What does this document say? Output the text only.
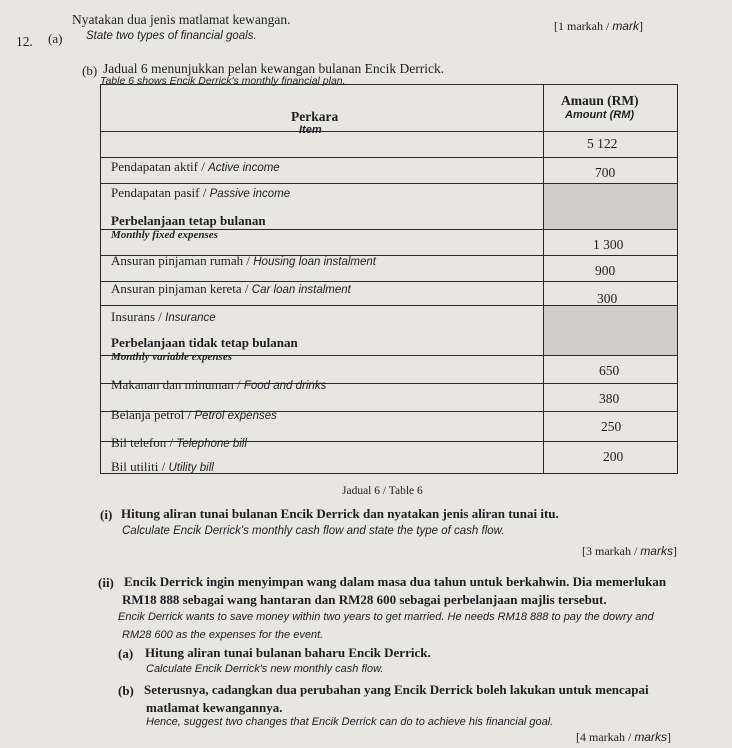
12. (a)
Nyatakan dua jenis matlamat kewangan.
State two types of financial goals.
[1 markah / mark]
(b) Jadual 6 menunjukkan pelan kewangan bulanan Encik Derrick.
Table 6 shows Encik Derrick's monthly financial plan.
Perkara
Item
Amaun (RM)
Amount (RM)
5 122
Pendapatan aktif / Active income
Pendapatan pasif / Passive income
700
Perbelanjaan tetap bulanan
Monthly fixed expenses
Ansuran pinjaman rumah / Housing loan instalment
1 300
Ansuran pinjaman kereta / Car loan instalment
900
Insurans / Insurance
300
Perbelanjaan tidak tetap bulanan
Monthly variable expenses
Makanan dan minuman / Food and drinks
650
Belanja petrol / Petrol expenses
380
Bil telefon / Telephone bill
250
Bil utiliti / Utility bill
200
Jadual 6 / Table 6
(i) Hitung aliran tunai bulanan Encik Derrick dan nyatakan jenis aliran tunai itu.
Calculate Encik Derrick's monthly cash flow and state the type of cash flow.
[3 markah / marks]
(ii) Encik Derrick ingin menyimpan wang dalam masa dua tahun untuk berkahwin. Dia memerlukan
RM18 888 sebagai wang hantaran dan RM28 600 sebagai perbelanjaan majlis tersebut.
Encik Derrick wants to save money within two years to get married. He needs RM18 888 to pay the dowry and
RM28 600 as the expenses for the event.
(a) Hitung aliran tunai bulanan baharu Encik Derrick.
Calculate Encik Derrick's new monthly cash flow.
(b) Seterusnya, cadangkan dua perubahan yang Encik Derrick boleh lakukan untuk mencapai
matlamat kewangannya.
Hence, suggest two changes that Encik Derrick can do to achieve his financial goal.
[4 markah / marks]
